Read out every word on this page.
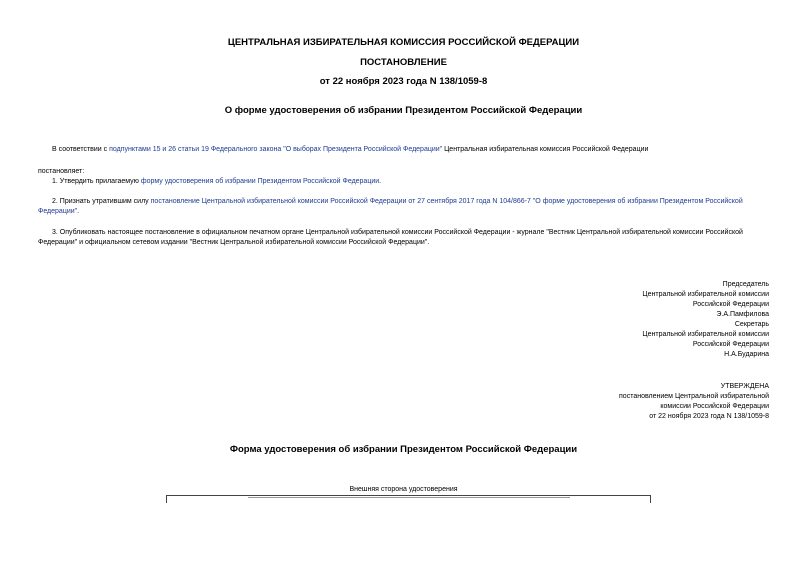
ЦЕНТРАЛЬНАЯ ИЗБИРАТЕЛЬНАЯ КОМИССИЯ РОССИЙСКОЙ ФЕДЕРАЦИИ
ПОСТАНОВЛЕНИЕ
от 22 ноября 2023 года N 138/1059-8
О форме удостоверения об избрании Президентом Российской Федерации
В соответствии с подпунктами 15 и 26 статьи 19 Федерального закона "О выборах Президента Российской Федерации" Центральная избирательная комиссия Российской Федерации
постановляет:
1. Утвердить прилагаемую форму удостоверения об избрании Президентом Российской Федерации.
2. Признать утратившим силу постановление Центральной избирательной комиссии Российской Федерации от 27 сентября 2017 года N 104/866-7 "О форме удостоверения об избрании Президентом Российской Федерации".
3. Опубликовать настоящее постановление в официальном печатном органе Центральной избирательной комиссии Российской Федерации - журнале "Вестник Центральной избирательной комиссии Российской Федерации" и официальном сетевом издании "Вестник Центральной избирательной комиссии Российской Федерации".
Председатель
Центральной избирательной комиссии
Российской Федерации
Э.А.Памфилова
Секретарь
Центральной избирательной комиссии
Российской Федерации
Н.А.Бударина
УТВЕРЖДЕНА
постановлением Центральной избирательной
комиссии Российской Федерации
от 22 ноября 2023 года N 138/1059-8
Форма удостоверения об избрании Президентом Российской Федерации
Внешняя сторона удостоверения
